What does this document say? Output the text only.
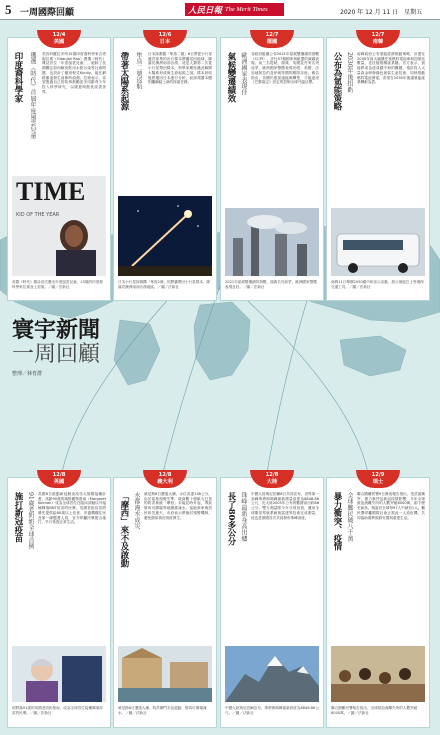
5 一周國際回顧	人民日報 The Merit Times	2020 年 12 月 11 日　星期五
寰宇新聞
一周回顧
整理／林育群
12/4
美國
印度裔科學家 獲選《時代》首屆年度風雲兒童 美容科羅拉多州15歲印度裔科學家吉塔妮拉奧（Gitanjali Rao）獲選《時代》雜誌首位「年度風雲兒童」。她除了長期關注如何解決飲用水鉛污染等社會問題，也設計了應用程式Kindly，能在網路霸凌發生前即時偵測。拉奧表示，希望透過自己的故事鼓勵更多同齡青少年投入科學研究，以創意與熱忱改善世界。
TIME
KID OF THE YEAR
美國《時代》雜誌首次選出年度風雲兒童，15歲的印度裔科學家拉奧登上封面。／圖／法新社
12/6
日本
帶著太陽系起源 隼鳥二號返航 日本探測器「隼鳥二號」6日將從小行星龍宮採集的岩石樣本膠囊送回地球，降落於澳洲南部沙漠。這是人類第二次從小行星帶回樣本，科學家期待藉此解開太陽系形成與生命起源之謎。樣本回收後將運回日本進行分析，而探測器本體則繼續踏上新的探索任務。
日本小行星探測機「隼鳥2號」的膠囊帶回小行星樣本，降落於澳洲南部沙漠地區。／圖／法新社
12/7
德國
氣候變遷績效 歐洲國家表現佳 非政府組織公布2021年氣候變遷績效指數（CCPI），評比57個國家與歐盟的減碳表現。前三名從缺，瑞典、英國及丹麥名列前茅，歐洲國家整體表現亮眼；美國、沙烏地阿拉伯及伊朗等國則敬陪末座。報告指出，各國仍需加速能源轉型，才能達成《巴黎協定》設定的控制全球升溫目標。
2021年氣候變遷績效指數，瑞典名列前茅，歐洲國家整體表現良好。／圖／法新社
12/7
南韓
公布為氫能策略 2030年後扭虧 南韓政府公布氫能經濟推動策略，計畫在2030年前大幅擴充氫燃料電池車與加氫站數量，並扶植相關產業鏈。官方表示，氫能將成為達成碳中和的關鍵，預計投入大量資金研發綠色氫氣生產技術，同時推動燃料電池發電，希望在2030年後讓氫能產業轉虧為盈。
南韓11日舉辦2050碳中和宣示活動，展示氫能巴士等環保交通工具。／圖／法新社
12/8
英國
施打新冠疫苗 91歲老奶奶全球首例 英國8日啟動新冠肺炎疫苗大規模接種計畫，高齡90歲的瑪格麗特基南（Margaret Keenan）成為全球首位在臨床試驗以外接種輝瑞BNT疫苗的民眾。英國首批疫苗將優先提供給80歲以上長者、安養機構住民及第一線醫護人員，官方呼籲民眾配合施打，早日恢復正常生活。
即將滿91歲的英國老奶奶基南，成為全球首位接種輝瑞疫苗的民眾。／圖／法新社
12/8
義大利
「摩西」來不及啟動 水都淹水成災 威尼斯8日遭逢大潮，水位高達138公分，由於氣象預報失準，耗資數十億歐元打造的防洪系統「摩西」未能及時升起，導致聖馬可廣場等地嚴重淹水。當地商家與居民叫苦連天，市府表示將檢討預警機制，避免類似情況再度發生。
威尼斯8日遭逢大潮，防洪閘門未及啟動，聖馬可廣場淹水。／圖／法新社
12/8
大陸
長了80多公分 珠峰最新身高出爐 中國大陸與尼泊爾8日共同宣布，世界第一高峰珠穆朗瑪峰最新測量高度為8848.86公尺，比大陸2005年公布的數據高出約86公分。雙方測量隊今年分別登頂，運用全球衛星導航系統與雷達等技術完成測量，這也是兩國首次共同發布珠峰高度。
中國大陸與尼泊爾宣布，珠穆朗瑪峰最新高度為8848.86公尺。／圖／法新社
12/9
瑞士
暴力衝突、疫情 全球難民破八千萬 聯合國難民署9日發表報告指出，受武裝衝突、暴力事件及新冠疫情影響，今年全球被迫流離失所的人數突破8000萬，創下歷史新高，相當於全球每97人中就有1人。難民署呼籲國際社會正視此一人道危機，共同協助弱勢族群安置與重建生活。
聯合國難民署報告指出，全球被迫流離失所的人數突破8000萬。／圖／法新社
